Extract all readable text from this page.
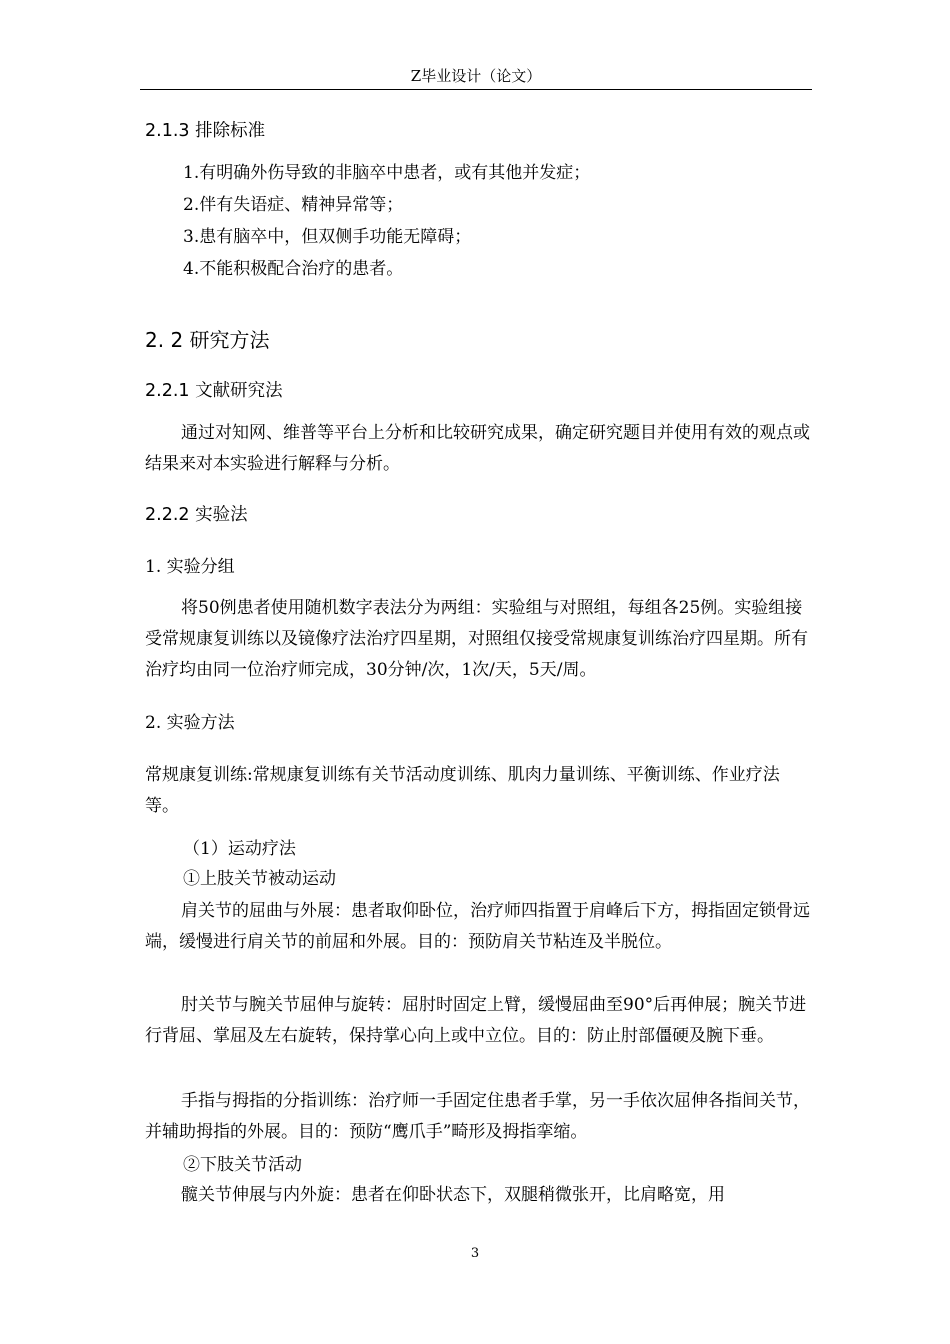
Z毕业设计（论文）
2.1.3 排除标准
1.有明确外伤导致的非脑卒中患者，或有其他并发症；
2.伴有失语症、精神异常等；
3.患有脑卒中，但双侧手功能无障碍；
4.不能积极配合治疗的患者。
2. 2 研究方法
2.2.1 文献研究法
通过对知网、维普等平台上分析和比较研究成果，确定研究题目并使用有效的观点或结果来对本实验进行解释与分析。
2.2.2 实验法
1. 实验分组
将50例患者使用随机数字表法分为两组：实验组与对照组，每组各25例。实验组接受常规康复训练以及镜像疗法治疗四星期，对照组仅接受常规康复训练治疗四星期。所有治疗均由同一位治疗师完成，30分钟/次，1次/天，5天/周。
2. 实验方法
常规康复训练:常规康复训练有关节活动度训练、肌肉力量训练、平衡训练、作业疗法等。
（1）运动疗法
①上肢关节被动运动
肩关节的屈曲与外展：患者取仰卧位，治疗师四指置于肩峰后下方，拇指固定锁骨远端，缓慢进行肩关节的前屈和外展。目的：预防肩关节粘连及半脱位。
肘关节与腕关节屈伸与旋转：屈肘时固定上臂，缓慢屈曲至90°后再伸展；腕关节进行背屈、掌屈及左右旋转，保持掌心向上或中立位。目的：防止肘部僵硬及腕下垂。
手指与拇指的分指训练：治疗师一手固定住患者手掌，另一手依次屈伸各指间关节，并辅助拇指的外展。目的：预防“鹰爪手”畸形及拇指挛缩。
②下肢关节活动
髋关节伸展与内外旋：患者在仰卧状态下，双腿稍微张开，比肩略宽，用
3
